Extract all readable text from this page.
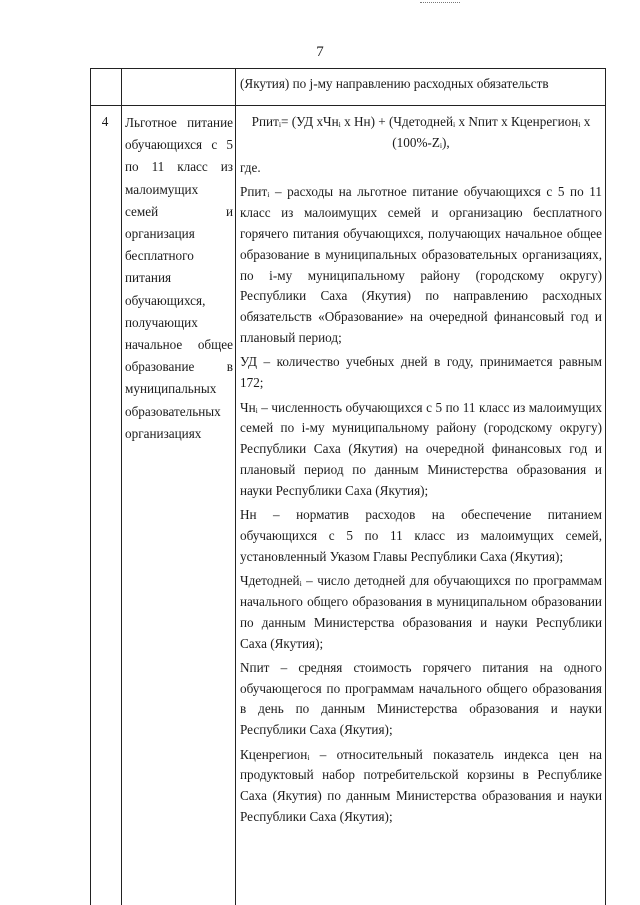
7
(Якутия) по j-му направлению расходных обязательств
4	Льготное питание
обучающихся с 5
по 11 класс из
малоимущих
семей	и
организация
бесплатного
питания
обучающихся,
получающих
начальное общее
образование в
муниципальных
образовательных
организациях
Рпитᵢ= (УД хЧнᵢ х Нн) + (Чдетоднейᵢ х Nпит х Кценрегионᵢ х
(100%-Zᵢ),

где.

Рпитᵢ – расходы на льготное питание обучающихся с 5 по 11 класс из малоимущих семей и организацию бесплатного горячего питания обучающихся, получающих начальное общее образование в муниципальных образовательных организациях, по i-му муниципальному району (городскому округу) Республики Саха (Якутия) по направлению расходных обязательств «Образование» на очередной финансовый год и плановый период;

УД – количество учебных дней в году, принимается равным 172;

Чнᵢ – численность обучающихся с 5 по 11 класс из малоимущих семей по i-му муниципальному району (городскому округу) Республики Саха (Якутия) на очередной финансовых год и плановый период по данным Министерства образования и науки Республики Саха (Якутия);

Нн – норматив расходов на обеспечение питанием обучающихся с 5 по 11 класс из малоимущих семей, установленный Указом Главы Республики Саха (Якутия);

Чдетоднейᵢ – число детодней для обучающихся по программам начального общего образования в муниципальном образовании по данным Министерства образования и науки Республики Саха (Якутия);

Nпит – средняя стоимость горячего питания на одного обучающегося по программам начального общего образования в день по данным Министерства образования и науки Республики Саха (Якутия);

Кценрегионᵢ – относительный показатель индекса цен на продуктовый набор потребительской корзины в Республике Саха (Якутия) по данным Министерства образования и науки Республики Саха (Якутия);
